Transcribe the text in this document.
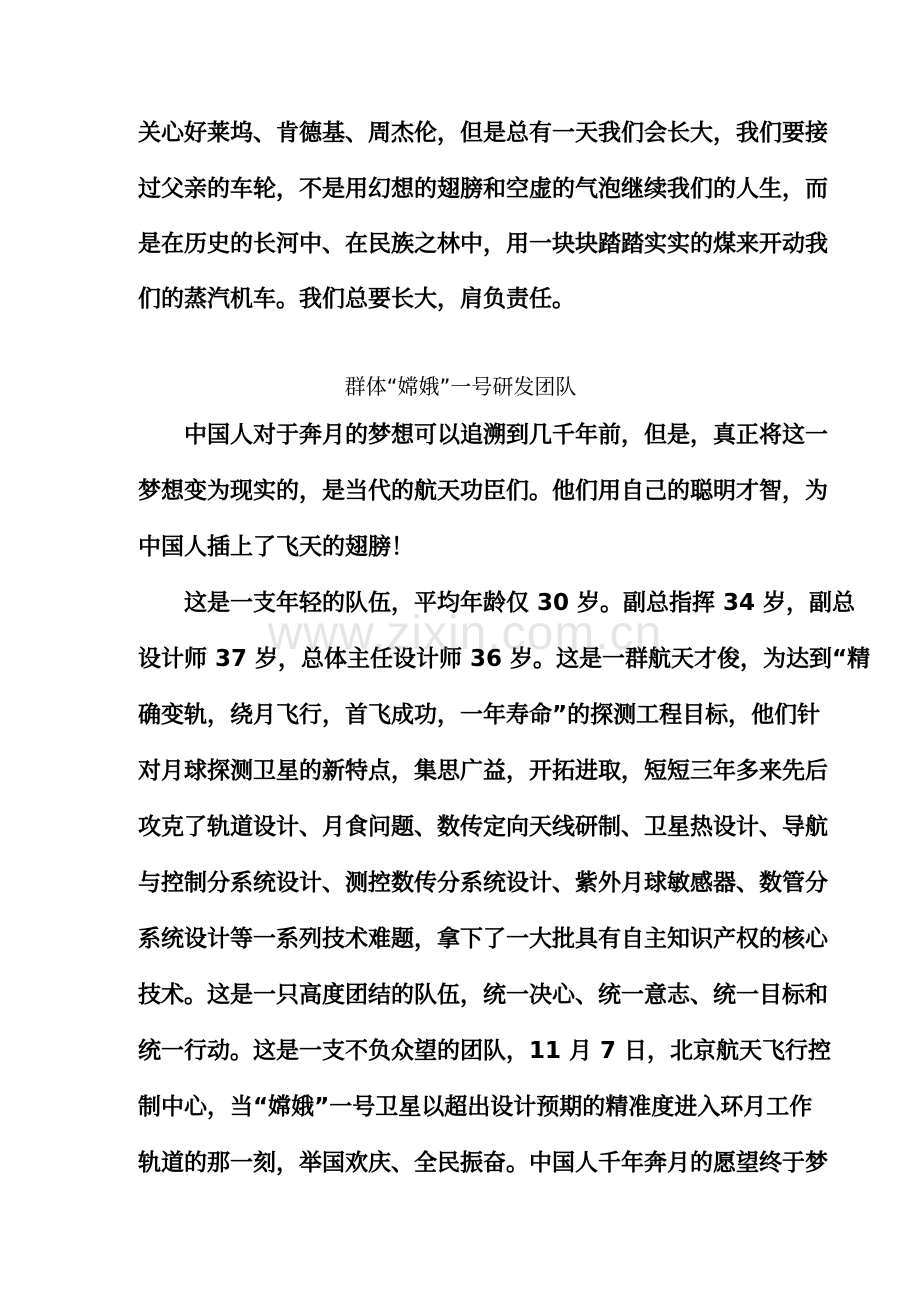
关心好莱坞、肯德基、周杰伦，但是总有一天我们会长大，我们要接
过父亲的车轮，不是用幻想的翅膀和空虚的气泡继续我们的人生，而
是在历史的长河中、在民族之林中，用一块块踏踏实实的煤来开动我
们的蒸汽机车。我们总要长大，肩负责任。
群体“嫦娥”一号研发团队
中国人对于奔月的梦想可以追溯到几千年前，但是，真正将这一
梦想变为现实的，是当代的航天功臣们。他们用自己的聪明才智，为
中国人插上了飞天的翅膀！
这是一支年轻的队伍，平均年龄仅 30 岁。副总指挥 34 岁，副总
设计师 37 岁，总体主任设计师 36 岁。这是一群航天才俊，为达到“精
确变轨，绕月飞行，首飞成功，一年寿命”的探测工程目标，他们针
对月球探测卫星的新特点，集思广益，开拓进取，短短三年多来先后
攻克了轨道设计、月食问题、数传定向天线研制、卫星热设计、导航
与控制分系统设计、测控数传分系统设计、紫外月球敏感器、数管分
系统设计等一系列技术难题，拿下了一大批具有自主知识产权的核心
技术。这是一只高度团结的队伍，统一决心、统一意志、统一目标和
统一行动。这是一支不负众望的团队，11 月 7 日，北京航天飞行控
制中心，当“嫦娥”一号卫星以超出设计预期的精准度进入环月工作
轨道的那一刻，举国欢庆、全民振奋。中国人千年奔月的愿望终于梦
www.zixin.com.cn
